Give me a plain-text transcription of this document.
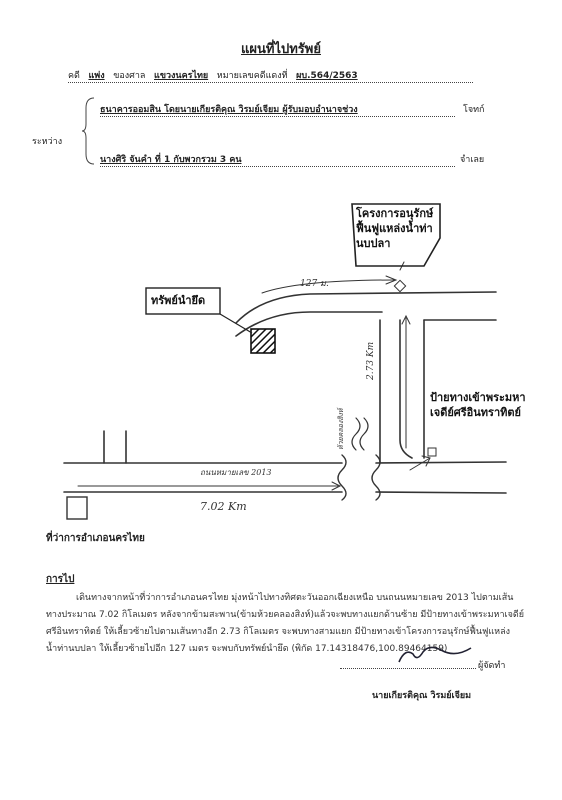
แผนที่ไปทรัพย์
คดี แพ่ง ของศาล แขวงนครไทย หมายเลขคดีแดงที่ ผบ.564/2563
ระหว่าง
ธนาคารออมสิน โดยนายเกียรติคุณ วิรมย์เจียม ผู้รับมอบอำนาจช่วง	โจทก์
นางศิริ จันคำ ที่ 1 กับพวกรวม 3 คน	จำเลย
โครงการอนุรักษ์ฟื้นฟูแหล่งน้ำท่านบปลา
ทรัพย์นำยึด
ป้ายทางเข้าพระมหาเจดีย์ศรีอินทราทิตย์
127 ม.
2.73 Km
7.02 Km
ถนนหมายเลข 2013
ห้วยคลองสิงห์
ที่ว่าการอำเภอนครไทย
การไป
เดินทางจากหน้าที่ว่าการอำเภอนครไทย มุ่งหน้าไปทางทิศตะวันออกเฉียงเหนือ บนถนนหมายเลข 2013 ไปตามเส้นทางประมาณ 7.02 กิโลเมตร หลังจากข้ามสะพาน(ข้ามห้วยคลองสิงห์)แล้วจะพบทางแยกด้านซ้าย มีป้ายทางเข้าพระมหาเจดีย์ศรีอินทราทิตย์ ให้เลี้ยวซ้ายไปตามเส้นทางอีก 2.73 กิโลเมตร จะพบทางสามแยก มีป้ายทางเข้าโครงการอนุรักษ์ฟื้นฟูแหล่งน้ำท่านบปลา ให้เลี้ยวซ้ายไปอีก 127 เมตร จะพบกับทรัพย์นำยึด (พิกัด 17.14318476,100.89464159)
ผู้จัดทำ
นายเกียรติคุณ วิรมย์เจียม
